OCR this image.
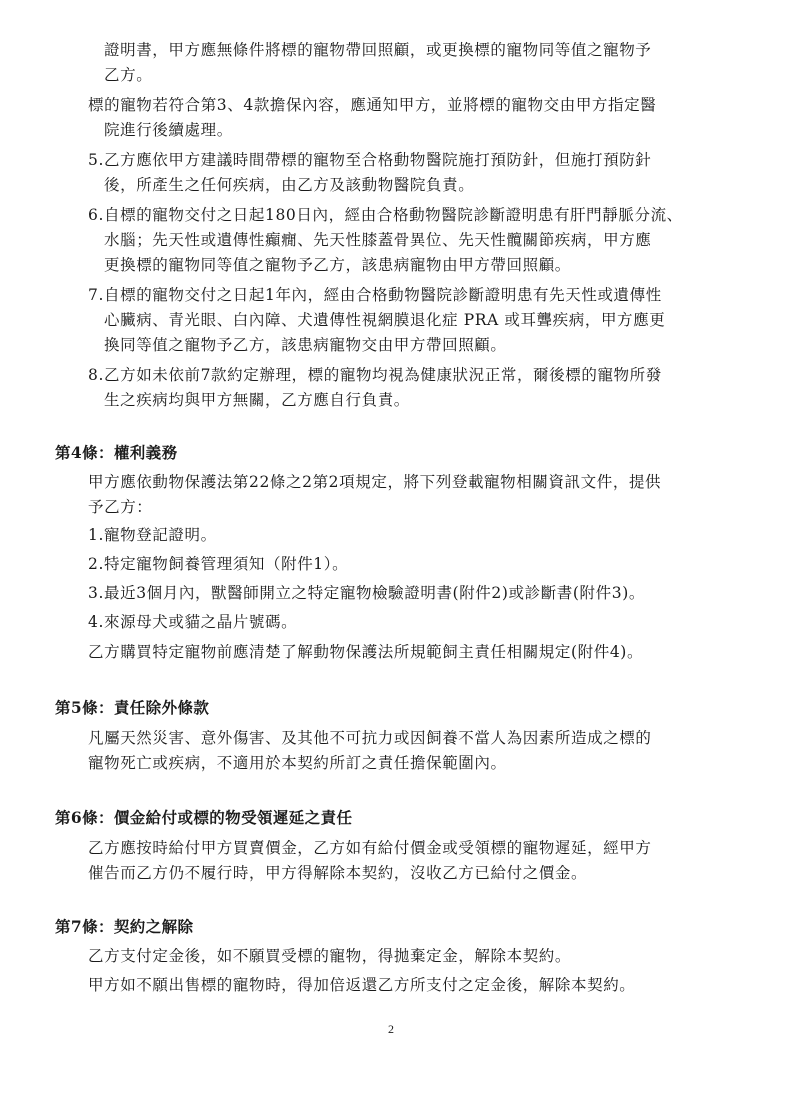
證明書，甲方應無條件將標的寵物帶回照顧，或更換標的寵物同等值之寵物予

乙方。

標的寵物若符合第3、4款擔保內容，應通知甲方，並將標的寵物交由甲方指定醫

院進行後續處理。

5.乙方應依甲方建議時間帶標的寵物至合格動物醫院施打預防針，但施打預防針

後，所產生之任何疾病，由乙方及該動物醫院負責。

6.自標的寵物交付之日起180日內，經由合格動物醫院診斷證明患有肝門靜脈分流、

水腦；先天性或遺傳性癲癇、先天性膝蓋骨異位、先天性髖關節疾病，甲方應

更換標的寵物同等值之寵物予乙方，該患病寵物由甲方帶回照顧。

7.自標的寵物交付之日起1年內，經由合格動物醫院診斷證明患有先天性或遺傳性

心臟病、青光眼、白內障、犬遺傳性視網膜退化症 PRA 或耳聾疾病，甲方應更

換同等值之寵物予乙方，該患病寵物交由甲方帶回照顧。

8.乙方如未依前7款約定辦理，標的寵物均視為健康狀況正常，爾後標的寵物所發

生之疾病均與甲方無關，乙方應自行負責。

第4條：權利義務

甲方應依動物保護法第22條之2第2項規定，將下列登載寵物相關資訊文件，提供

予乙方：

1.寵物登記證明。

2.特定寵物飼養管理須知（附件1）。

3.最近3個月內，獸醫師開立之特定寵物檢驗證明書(附件2)或診斷書(附件3)。

4.來源母犬或貓之晶片號碼。

乙方購買特定寵物前應清楚了解動物保護法所規範飼主責任相關規定(附件4)。

第5條：責任除外條款

凡屬天然災害、意外傷害、及其他不可抗力或因飼養不當人為因素所造成之標的

寵物死亡或疾病，不適用於本契約所訂之責任擔保範圍內。

第6條：價金給付或標的物受領遲延之責任

乙方應按時給付甲方買賣價金，乙方如有給付價金或受領標的寵物遲延，經甲方

催告而乙方仍不履行時，甲方得解除本契約，沒收乙方已給付之價金。

第7條：契約之解除

乙方支付定金後，如不願買受標的寵物，得拋棄定金，解除本契約。

甲方如不願出售標的寵物時，得加倍返還乙方所支付之定金後，解除本契約。

2
